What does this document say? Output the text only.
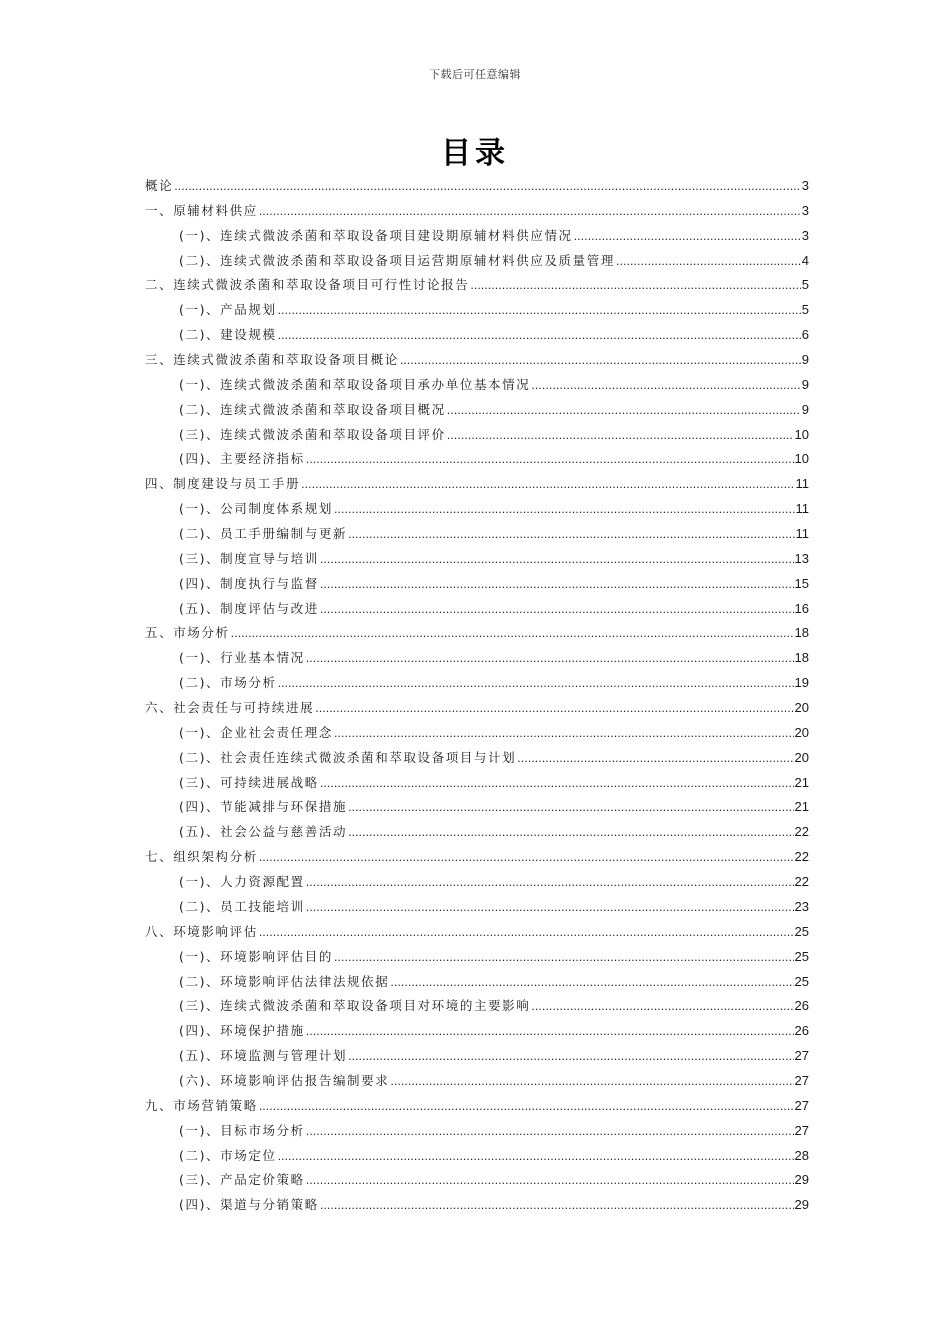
下载后可任意编辑
目录
概论 .....	3
一、原辅材料供应 .....	3
(一)、连续式微波杀菌和萃取设备项目建设期原辅材料供应情况 .....	3
(二)、连续式微波杀菌和萃取设备项目运营期原辅材料供应及质量管理 .....	4
二、连续式微波杀菌和萃取设备项目可行性讨论报告 .....	5
(一)、产品规划 .....	5
(二)、建设规模 .....	6
三、连续式微波杀菌和萃取设备项目概论 .....	9
(一)、连续式微波杀菌和萃取设备项目承办单位基本情况 .....	9
(二)、连续式微波杀菌和萃取设备项目概况 .....	9
(三)、连续式微波杀菌和萃取设备项目评价 .....	10
(四)、主要经济指标 .....	10
四、制度建设与员工手册 .....	11
(一)、公司制度体系规划 .....	11
(二)、员工手册编制与更新 .....	11
(三)、制度宣导与培训 .....	13
(四)、制度执行与监督 .....	15
(五)、制度评估与改进 .....	16
五、市场分析 .....	18
(一)、行业基本情况 .....	18
(二)、市场分析 .....	19
六、社会责任与可持续进展 .....	20
(一)、企业社会责任理念 .....	20
(二)、社会责任连续式微波杀菌和萃取设备项目与计划 .....	20
(三)、可持续进展战略 .....	21
(四)、节能减排与环保措施 .....	21
(五)、社会公益与慈善活动 .....	22
七、组织架构分析 .....	22
(一)、人力资源配置 .....	22
(二)、员工技能培训 .....	23
八、环境影响评估 .....	25
(一)、环境影响评估目的 .....	25
(二)、环境影响评估法律法规依据 .....	25
(三)、连续式微波杀菌和萃取设备项目对环境的主要影响 .....	26
(四)、环境保护措施 .....	26
(五)、环境监测与管理计划 .....	27
(六)、环境影响评估报告编制要求 .....	27
九、市场营销策略 .....	27
(一)、目标市场分析 .....	27
(二)、市场定位 .....	28
(三)、产品定价策略 .....	29
(四)、渠道与分销策略 .....	29
